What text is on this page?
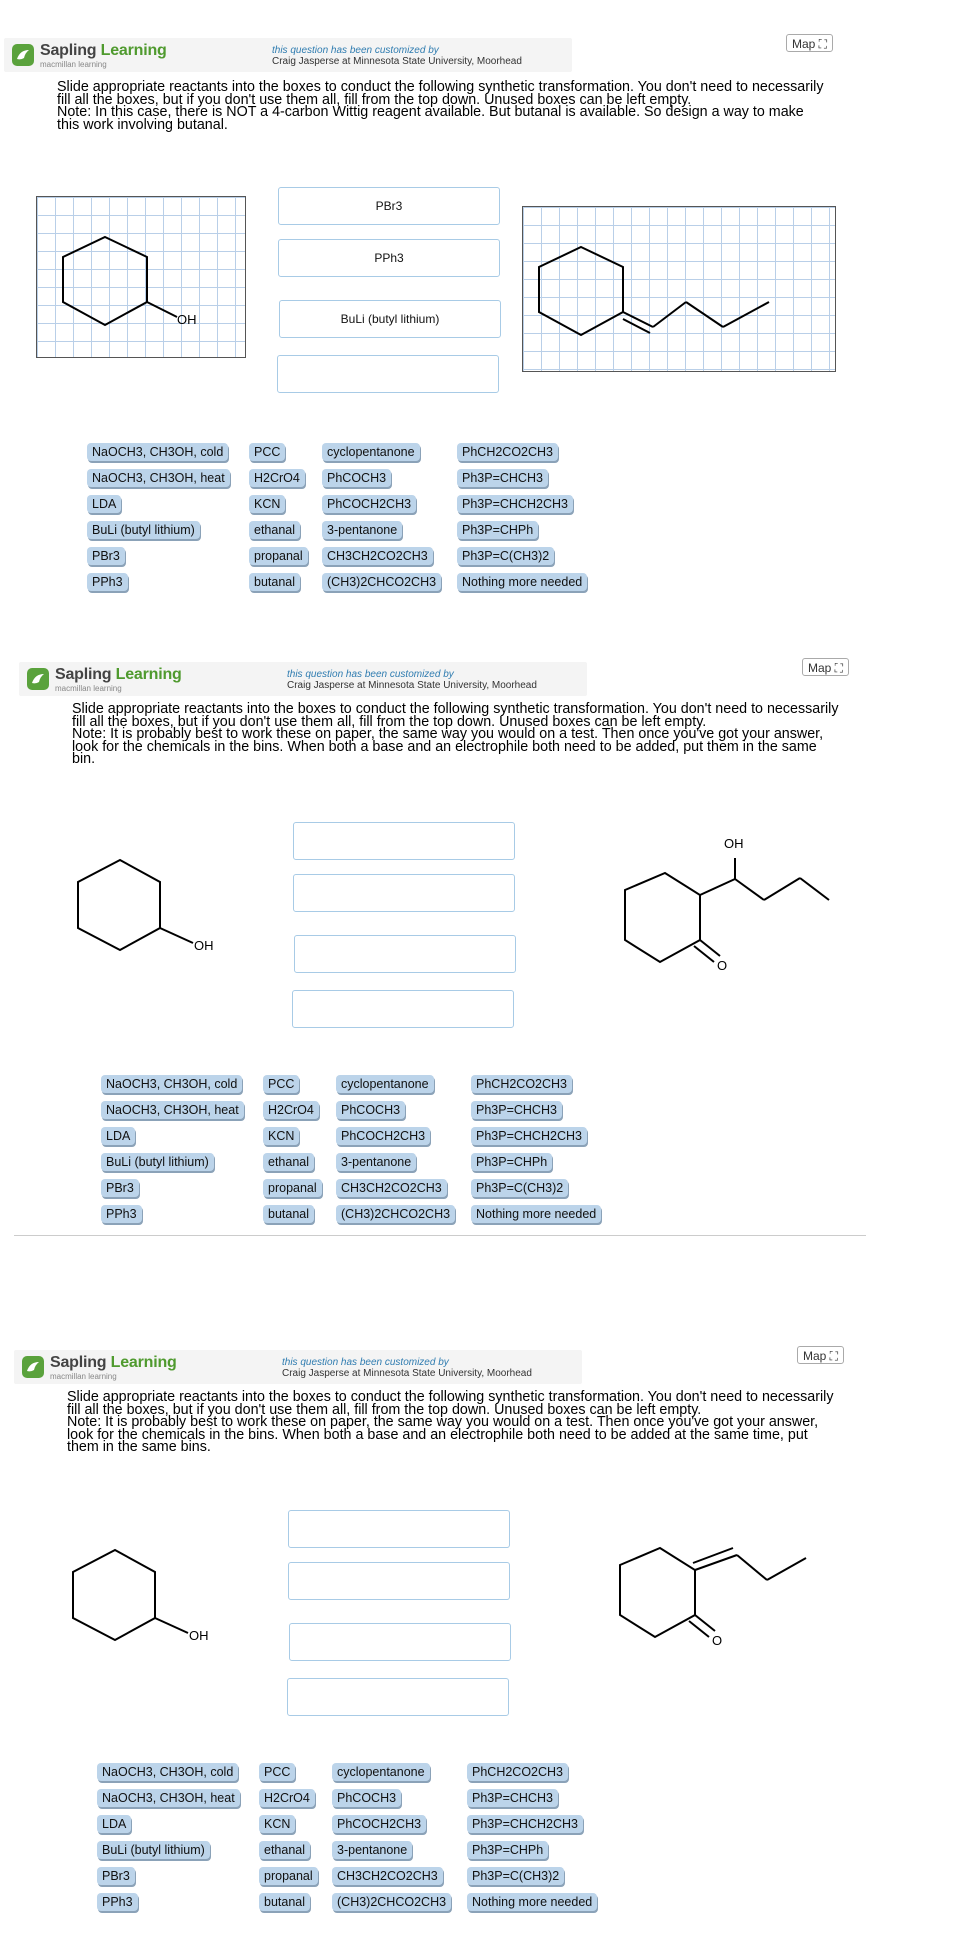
Sapling Learning
macmillan learning
this question has been customized by
Craig Jasperse at Minnesota State University, Moorhead
Map ⛶

Slide appropriate reactants into the boxes to conduct the following synthetic transformation. You don't need to necessarily fill all the boxes, but if you don't use them all, fill from the top down. Unused boxes can be left empty.

Note: In this case, there is NOT a 4-carbon Wittig reagent available. But butanal is available. So design a way to make this work involving butanal.

OH
PBr3
PPh3
BuLi (butyl lithium)
Sapling Learning
macmillan learning
this question has been customized by
Craig Jasperse at Minnesota State University, Moorhead
Map ⛶

Slide appropriate reactants into the boxes to conduct the following synthetic transformation. You don't need to necessarily fill all the boxes, but if you don't use them all, fill from the top down. Unused boxes can be left empty.

Note: It is probably best to work these on paper, the same way you would on a test. Then once you've got your answer, look for the chemicals in the bins. When both a base and an electrophile both need to be added, put them in the same bin.

OH
OH
O
Sapling Learning
macmillan learning
this question has been customized by
Craig Jasperse at Minnesota State University, Moorhead
Map ⛶

Slide appropriate reactants into the boxes to conduct the following synthetic transformation. You don't need to necessarily fill all the boxes, but if you don't use them all, fill from the top down. Unused boxes can be left empty.

Note: It is probably best to work these on paper, the same way you would on a test. Then once you've got your answer, look for the chemicals in the bins. When both a base and an electrophile both need to be added at the same time, put them in the same bins.

OH	O
NaOCH3, CH3OH, cold
NaOCH3, CH3OH, heat
LDA
BuLi (butyl lithium)
PBr3
PPh3
PCC
H2CrO4
KCN
ethanal
propanal
butanal
cyclopentanone
PhCOCH3
PhCOCH2CH3
3-pentanone
CH3CH2CO2CH3
(CH3)2CHCO2CH3
PhCH2CO2CH3
Ph3P=CHCH3
Ph3P=CHCH2CH3
Ph3P=CHPh
Ph3P=C(CH3)2
Nothing more needed
NaOCH3, CH3OH, cold
NaOCH3, CH3OH, heat
LDA
BuLi (butyl lithium)
PBr3
PPh3
PCC
H2CrO4
KCN
ethanal
propanal
butanal
cyclopentanone
PhCOCH3
PhCOCH2CH3
3-pentanone
CH3CH2CO2CH3
(CH3)2CHCO2CH3
PhCH2CO2CH3
Ph3P=CHCH3
Ph3P=CHCH2CH3
Ph3P=CHPh
Ph3P=C(CH3)2
Nothing more needed
NaOCH3, CH3OH, cold
NaOCH3, CH3OH, heat
LDA
BuLi (butyl lithium)
PBr3
PPh3
PCC
H2CrO4
KCN
ethanal
propanal
butanal
cyclopentanone
PhCOCH3
PhCOCH2CH3
3-pentanone
CH3CH2CO2CH3
(CH3)2CHCO2CH3
PhCH2CO2CH3
Ph3P=CHCH3
Ph3P=CHCH2CH3
Ph3P=CHPh
Ph3P=C(CH3)2
Nothing more needed
